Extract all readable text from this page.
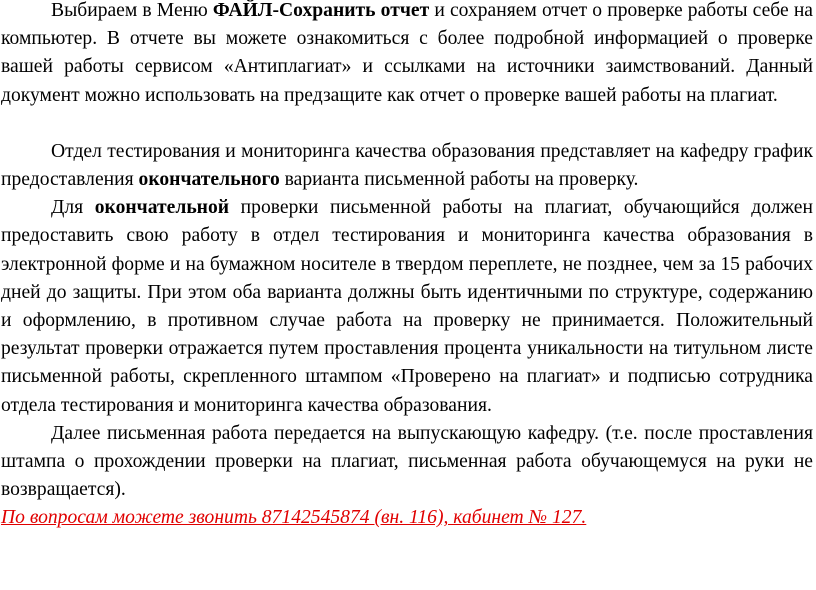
Выбираем в Меню ФАЙЛ-Сохранить отчет и сохраняем отчет о проверке работы себе на компьютер. В отчете вы можете ознакомиться с более подробной информацией о проверке вашей работы сервисом «Антиплагиат» и ссылками на источники заимствований. Данный документ можно использовать на предзащите как отчет о проверке вашей работы на плагиат.

Отдел тестирования и мониторинга качества образования представляет на кафедру график предоставления окончательного варианта письменной работы на проверку.

Для окончательной проверки письменной работы на плагиат, обучающийся должен предоставить свою работу в отдел тестирования и мониторинга качества образования в электронной форме и на бумажном носителе в твердом переплете, не позднее, чем за 15 рабочих дней до защиты. При этом оба варианта должны быть идентичными по структуре, содержанию и оформлению, в противном случае работа на проверку не принимается. Положительный результат проверки отражается путем проставления процента уникальности на титульном листе письменной работы, скрепленного штампом «Проверено на плагиат» и подписью сотрудника отдела тестирования и мониторинга качества образования.

Далее письменная работа передается на выпускающую кафедру. (т.е. после проставления штампа о прохождении проверки на плагиат, письменная работа обучающемуся на руки не возвращается).

По вопросам можете звонить 87142545874 (вн. 116), кабинет № 127.
